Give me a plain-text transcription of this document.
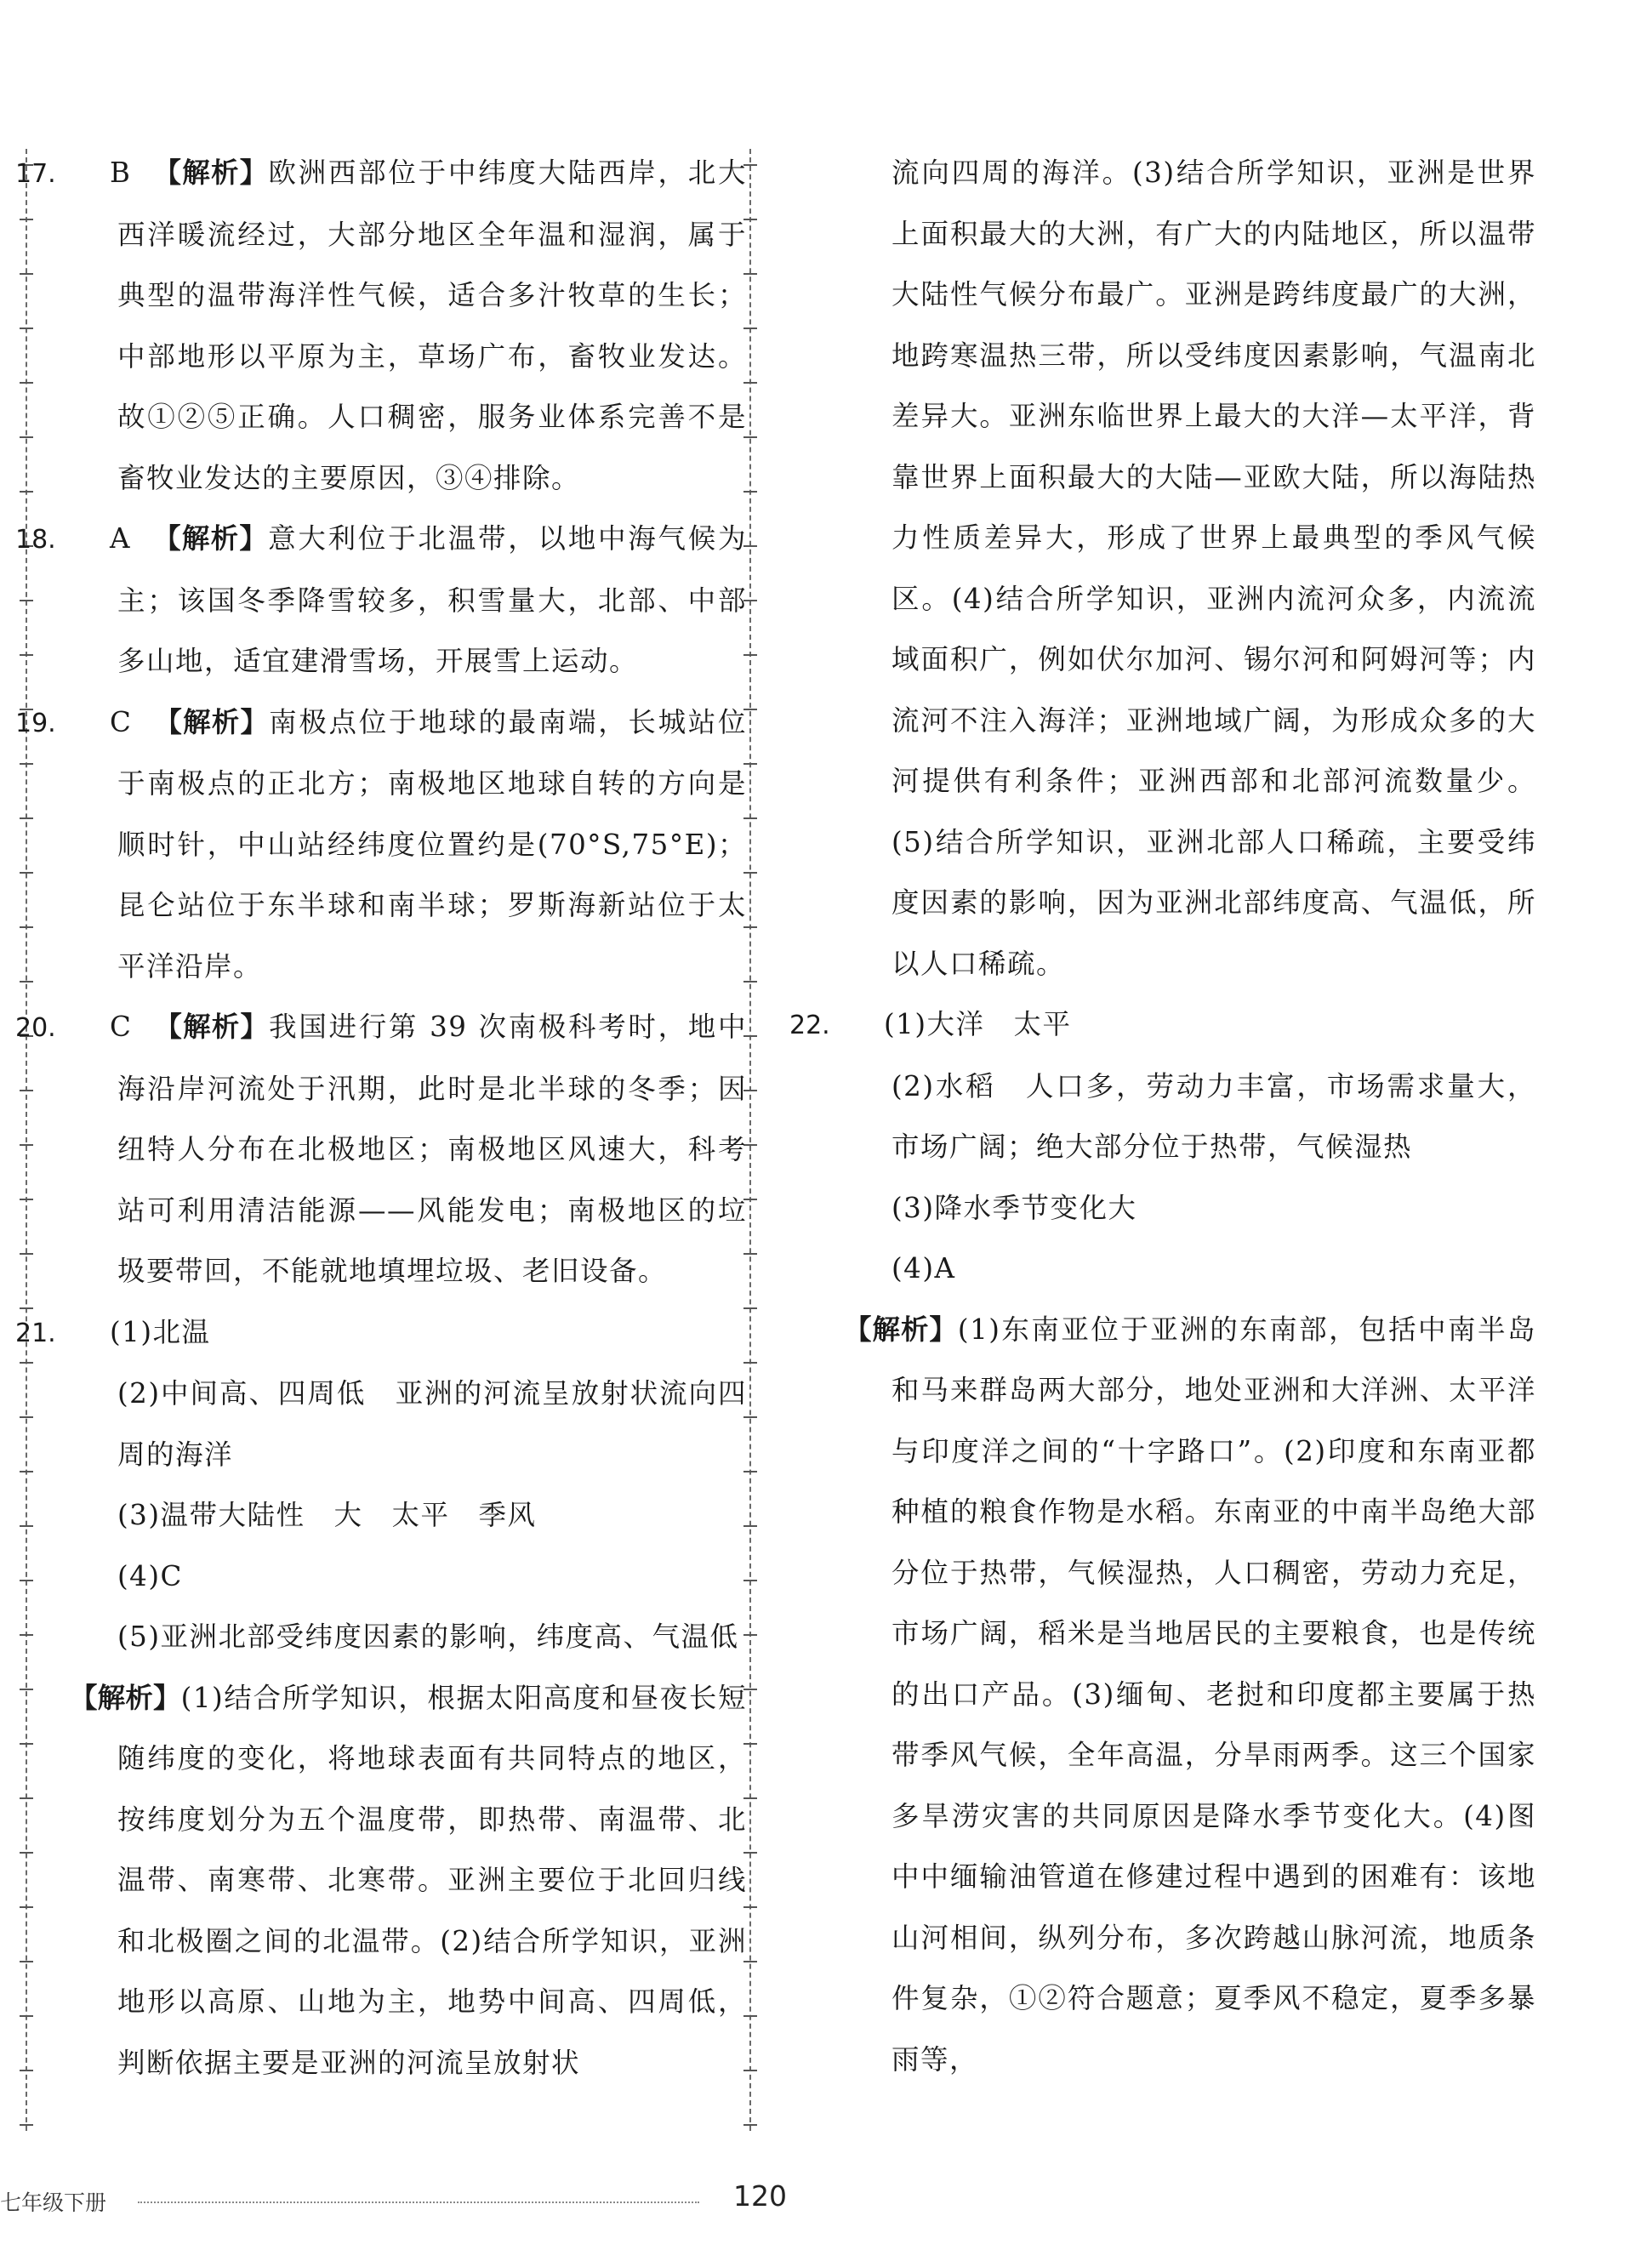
17. B 【解析】欧洲西部位于中纬度大陆西岸，北大西洋暖流经过，大部分地区全年温和湿润，属于典型的温带海洋性气候，适合多汁牧草的生长；中部地形以平原为主，草场广布，畜牧业发达。故①②⑤正确。人口稠密，服务业体系完善不是畜牧业发达的主要原因，③④排除。

18. A 【解析】意大利位于北温带，以地中海气候为主；该国冬季降雪较多，积雪量大，北部、中部多山地，适宜建滑雪场，开展雪上运动。

19. C 【解析】南极点位于地球的最南端，长城站位于南极点的正北方；南极地区地球自转的方向是顺时针，中山站经纬度位置约是(70°S,75°E)；昆仑站位于东半球和南半球；罗斯海新站位于太平洋沿岸。

20. C 【解析】我国进行第 39 次南极科考时，地中海沿岸河流处于汛期，此时是北半球的冬季；因纽特人分布在北极地区；南极地区风速大，科考站可利用清洁能源——风能发电；南极地区的垃圾要带回，不能就地填埋垃圾、老旧设备。

21. (1)北温

(2)中间高、四周低　亚洲的河流呈放射状流向四周的海洋

(3)温带大陆性　大　太平　季风

(4)C

(5)亚洲北部受纬度因素的影响，纬度高、气温低

【解析】(1)结合所学知识，根据太阳高度和昼夜长短随纬度的变化，将地球表面有共同特点的地区，按纬度划分为五个温度带，即热带、南温带、北温带、南寒带、北寒带。亚洲主要位于北回归线和北极圈之间的北温带。(2)结合所学知识，亚洲地形以高原、山地为主，地势中间高、四周低，判断依据主要是亚洲的河流呈放射状

流向四周的海洋。(3)结合所学知识，亚洲是世界上面积最大的大洲，有广大的内陆地区，所以温带大陆性气候分布最广。亚洲是跨纬度最广的大洲，地跨寒温热三带，所以受纬度因素影响，气温南北差异大。亚洲东临世界上最大的大洋—太平洋，背靠世界上面积最大的大陆—亚欧大陆，所以海陆热力性质差异大，形成了世界上最典型的季风气候区。(4)结合所学知识，亚洲内流河众多，内流流域面积广，例如伏尔加河、锡尔河和阿姆河等；内流河不注入海洋；亚洲地域广阔，为形成众多的大河提供有利条件；亚洲西部和北部河流数量少。(5)结合所学知识，亚洲北部人口稀疏，主要受纬度因素的影响，因为亚洲北部纬度高、气温低，所以人口稀疏。

22. (1)大洋　太平

(2)水稻　人口多，劳动力丰富，市场需求量大，市场广阔；绝大部分位于热带，气候湿热

(3)降水季节变化大

(4)A

【解析】(1)东南亚位于亚洲的东南部，包括中南半岛和马来群岛两大部分，地处亚洲和大洋洲、太平洋与印度洋之间的“十字路口”。(2)印度和东南亚都种植的粮食作物是水稻。东南亚的中南半岛绝大部分位于热带，气候湿热，人口稠密，劳动力充足，市场广阔，稻米是当地居民的主要粮食，也是传统的出口产品。(3)缅甸、老挝和印度都主要属于热带季风气候，全年高温，分旱雨两季。这三个国家多旱涝灾害的共同原因是降水季节变化大。(4)图中中缅输油管道在修建过程中遇到的困难有：该地山河相间，纵列分布，多次跨越山脉河流，地质条件复杂，①②符合题意；夏季风不稳定，夏季多暴雨等，

七年级下册	120
